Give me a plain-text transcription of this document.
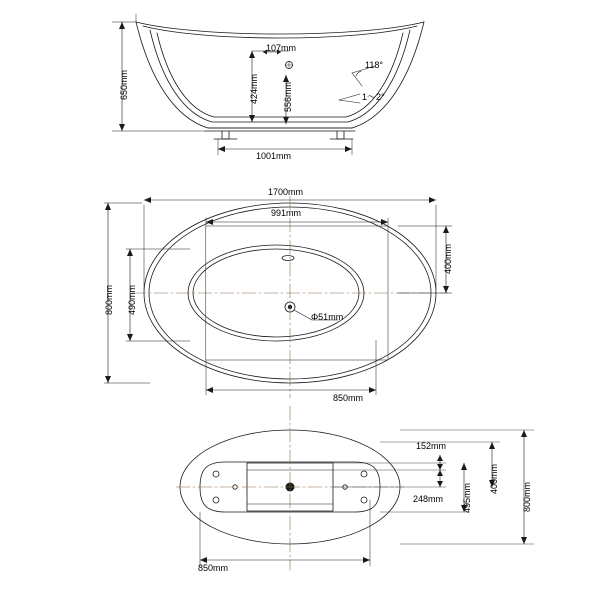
650mm	424mm
107mm
556mm
118°
1～2°
1001mm
1700mm
991mm
800mm 490mm
400mm
Φ51mm
850mm
152mm
248mm 495mm
400mm
800mm
850mm
